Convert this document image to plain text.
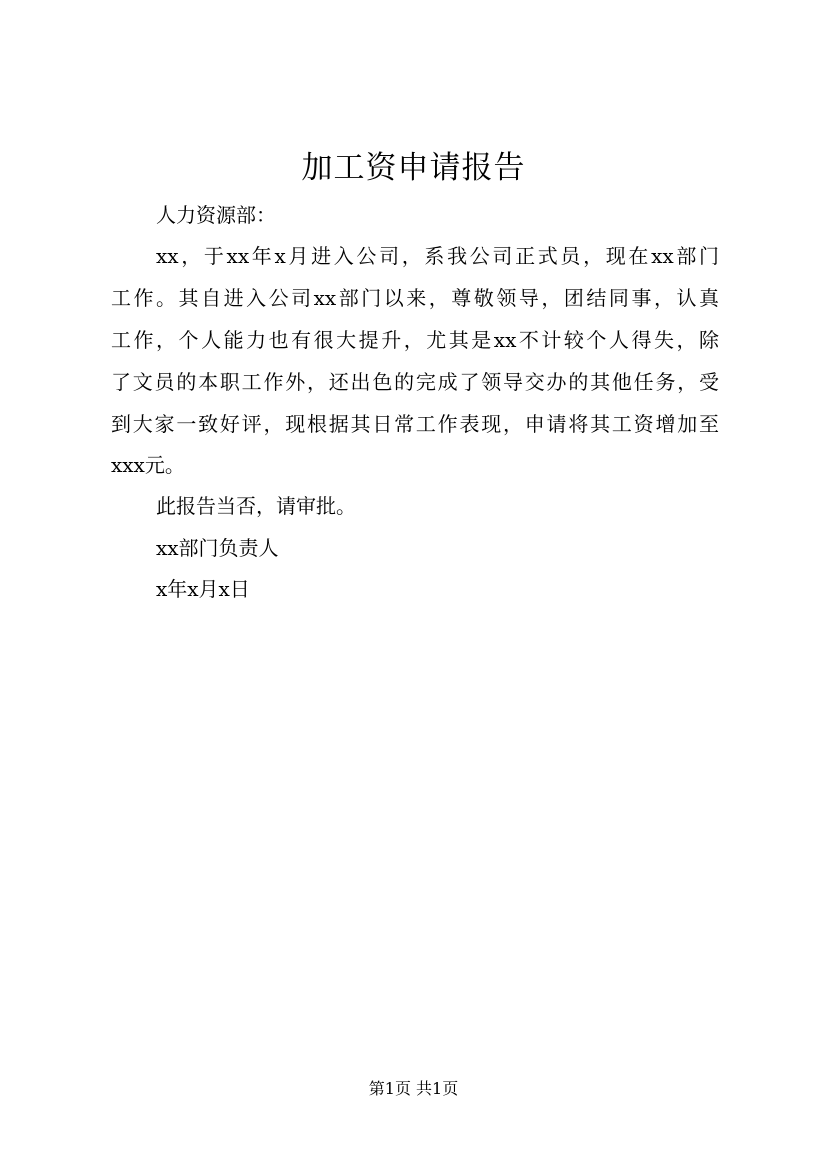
加工资申请报告
人力资源部：
xx，于xx年x月进入公司，系我公司正式员，现在xx部门
工作。其自进入公司xx部门以来，尊敬领导，团结同事，认真
工作，个人能力也有很大提升，尤其是xx不计较个人得失，除
了文员的本职工作外，还出色的完成了领导交办的其他任务，受
到大家一致好评，现根据其日常工作表现，申请将其工资增加至
xxx元。
此报告当否，请审批。
xx部门负责人
x年x月x日
第1页 共1页
